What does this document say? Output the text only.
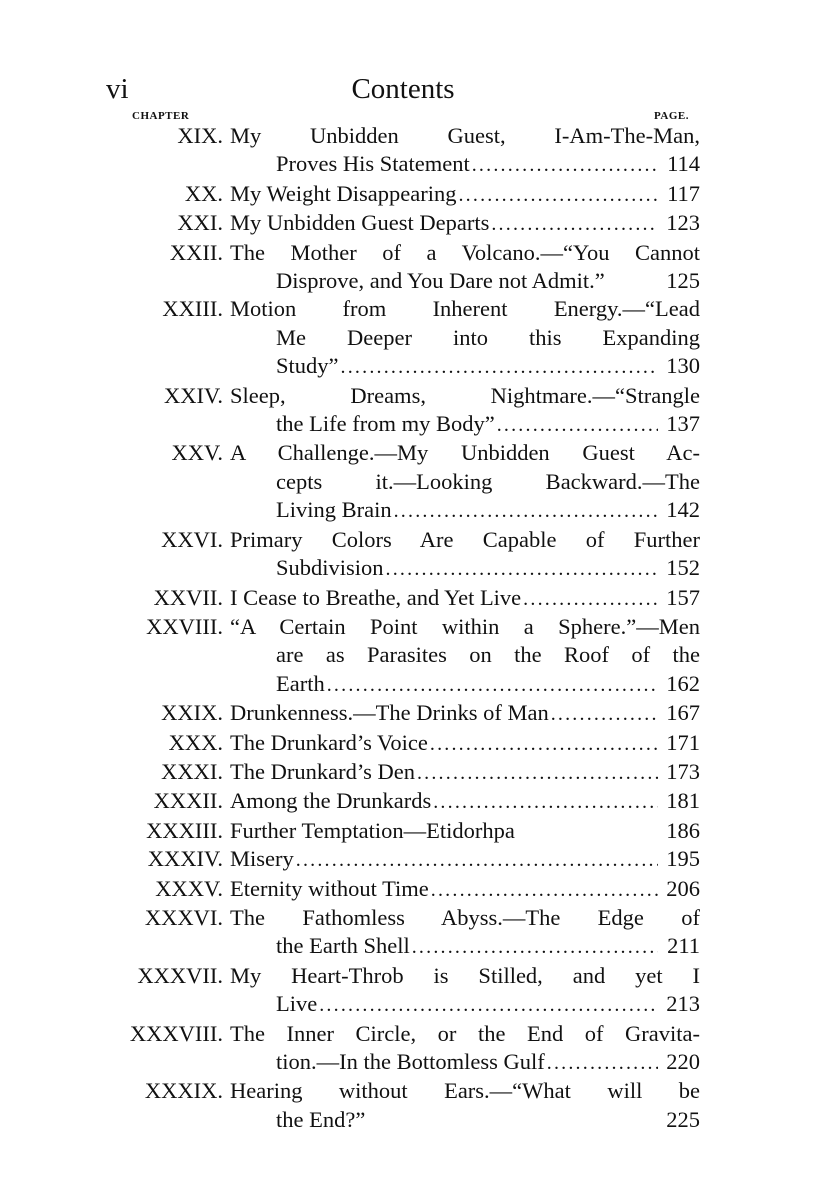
vi	Contents
CHAPTER	PAGE.
XIX. My Unbidden Guest, I-Am-The-Man,
Proves His Statement . . .	114
XX. My Weight Disappearing . . .	117
XXI. My Unbidden Guest Departs . . .	123
XXII. The Mother of a Volcano.—“You Cannot
Disprove, and You Dare not Admit.”	125
XXIII. Motion from Inherent Energy.—“Lead
Me Deeper into this Expanding
Study” . . .	130
XXIV. Sleep, Dreams, Nightmare.—“Strangle
the Life from my Body” . . .	137
XXV. A Challenge.—My Unbidden Guest Ac-
cepts it.—Looking Backward.—The
Living Brain . . .	142
XXVI. Primary Colors Are Capable of Further
Subdivision . . .	152
XXVII. I Cease to Breathe, and Yet Live . . .	157
XXVIII. “A Certain Point within a Sphere.”—Men
are as Parasites on the Roof of the
Earth . . .	162
XXIX. Drunkenness.—The Drinks of Man . . .	167
XXX. The Drunkard’s Voice . . .	171
XXXI. The Drunkard’s Den . . .	173
XXXII. Among the Drunkards . . .	181
XXXIII. Further Temptation—Etidorhpa	186
XXXIV. Misery . . .	195
XXXV. Eternity without Time . . .	206
XXXVI. The Fathomless Abyss.—The Edge of
the Earth Shell . . .	211
XXXVII. My Heart-Throb is Stilled, and yet I
Live . . .	213
XXXVIII. The Inner Circle, or the End of Gravita-
tion.—In the Bottomless Gulf . . .	220
XXXIX. Hearing without Ears.—“What will be
the End?”	225
